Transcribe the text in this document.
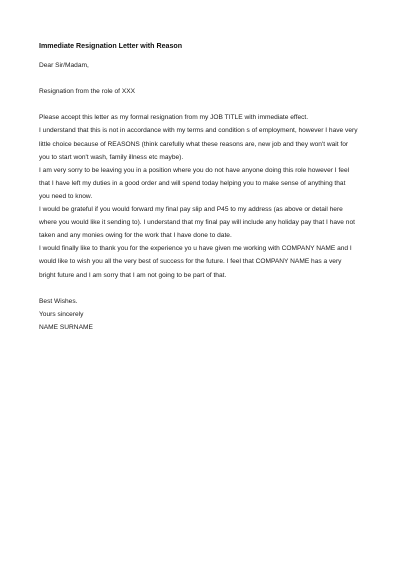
Immediate Resignation Letter with Reason
Dear Sir/Madam,
Resignation from the role of XXX
Please accept this letter as my formal resignation from my JOB TITLE with immediate effect.
I understand that this is not in accordance with my terms and condition s of employment, however I have very
little choice because of REASONS (think carefully what these reasons are, new job and they won't wait for
you to start won't wash, family illness etc maybe).
I am very sorry to be leaving you in a position where you do not have anyone doing this role however I feel
that I have left my duties in a good order and will spend today helping you to make sense of anything that
you need to know.
I would be grateful if you would forward my final pay slip and P45 to my address (as above or detail here
where you would like it sending to). I understand that my final pay will include any holiday pay that I have not
taken and any monies owing for the work that I have done to date.
I would finally like to thank you for the experience yo u have given me working with COMPANY NAME and I
would like to wish you all the very best of success for the future. I feel that COMPANY NAME has a very
bright future and I am sorry that I am not going to be part of that.
Best Wishes.
Yours sincerely
NAME SURNAME
